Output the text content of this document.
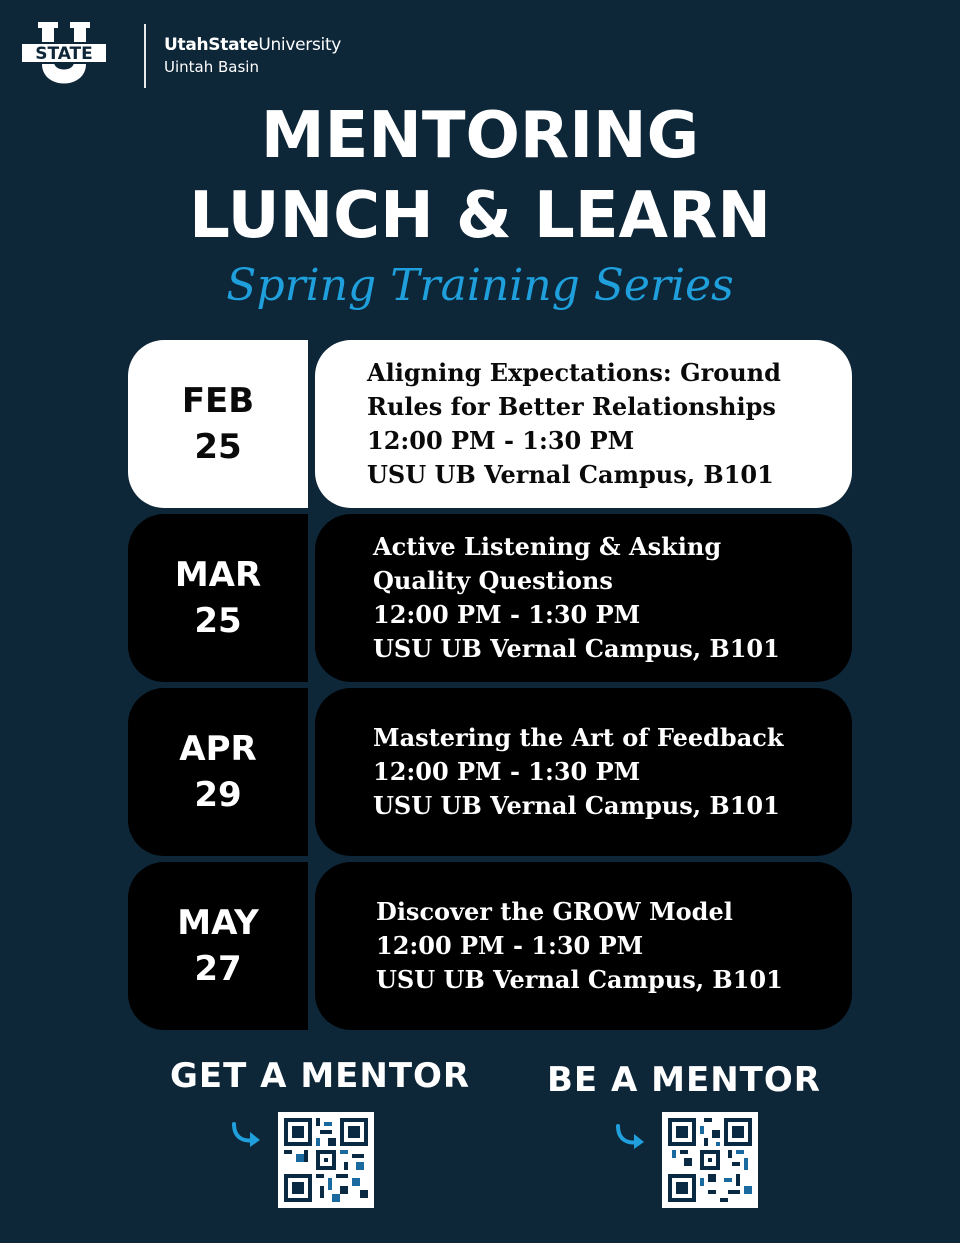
STATE	UtahStateUniversity
Uintah Basin
MENTORING
LUNCH & LEARN
Spring Training Series
FEB
25
Aligning Expectations: Ground
Rules for Better Relationships
12:00 PM - 1:30 PM
USU UB Vernal Campus, B101
MAR
25
Active Listening & Asking
Quality Questions
12:00 PM - 1:30 PM
USU UB Vernal Campus, B101
APR
29
Mastering the Art of Feedback
12:00 PM - 1:30 PM
USU UB Vernal Campus, B101
MAY
27
Discover the GROW Model
12:00 PM - 1:30 PM
USU UB Vernal Campus, B101
GET A MENTOR BE A MENTOR
